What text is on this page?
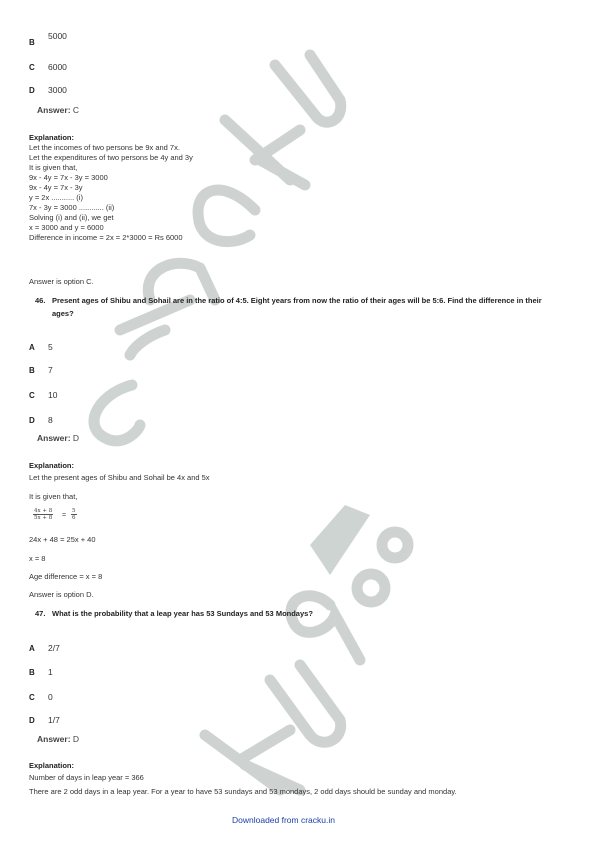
B
5000
C 6000
D 3000
Answer: C
Explanation:
Let the incomes of two persons be 9x and 7x.
Let the expenditures of two persons be 4y and 3y
It is given that,
9x - 4y = 7x - 3y = 3000
9x - 4y = 7x - 3y
y = 2x ........... (i)
7x - 3y = 3000 ............ (ii)
Solving (i) and (ii), we get
x = 3000 and y = 6000
Difference in income = 2x = 2*3000 = Rs 6000
Answer is option C.
46. Present ages of Shibu and Sohail are in the ratio of 4:5. Eight years from now the ratio of their ages will be 5:6. Find the difference in their ages?
A 5
B 7
C 10
D 8
Answer: D
Explanation:
Let the present ages of Shibu and Sohail be 4x and 5x
It is given that,
$\frac{4x + 8}{5x + 8} = \frac{5}{6}$
24x + 48 = 25x + 40
x = 8
Age difference = x = 8
Answer is option D.
47. What is the probability that a leap year has 53 Sundays and 53 Mondays?
A 2/7
B 1
C 0
D 1/7
Answer: D
Explanation:
Number of days in leap year = 366
There are 2 odd days in a leap year. For a year to have 53 sundays and 53 mondays, 2 odd days should be sunday and monday.
Downloaded from cracku.in
